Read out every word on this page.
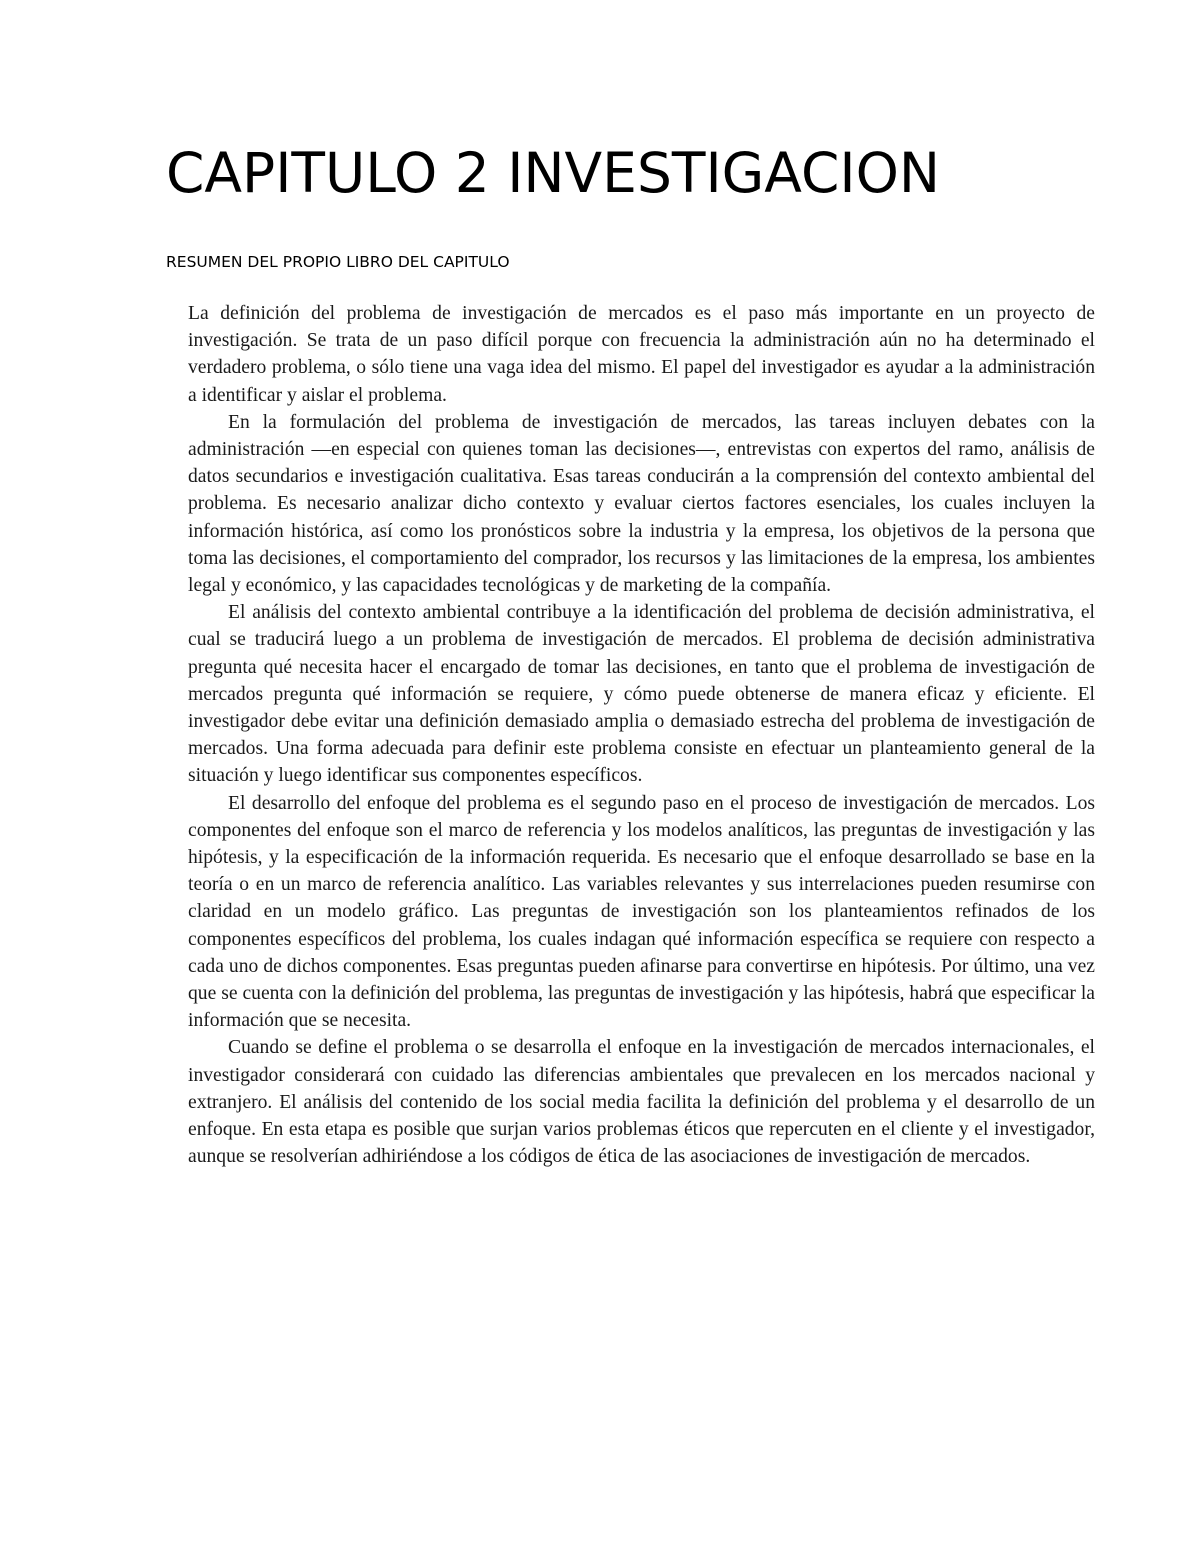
CAPITULO 2 INVESTIGACION
RESUMEN DEL PROPIO LIBRO DEL CAPITULO

La definición del problema de investigación de mercados es el paso más importante en un proyecto de investigación. Se trata de un paso difícil porque con frecuencia la administración aún no ha determinado el verdadero problema, o sólo tiene una vaga idea del mismo. El papel del investigador es ayudar a la administración a identificar y aislar el problema.

En la formulación del problema de investigación de mercados, las tareas incluyen debates con la administración —en especial con quienes toman las decisiones—, entrevistas con expertos del ramo, análisis de datos secundarios e investigación cualitativa. Esas tareas conducirán a la comprensión del contexto ambiental del problema. Es necesario analizar dicho contexto y evaluar ciertos factores esenciales, los cuales incluyen la información histórica, así como los pronósticos sobre la industria y la empresa, los objetivos de la persona que toma las decisiones, el comportamiento del comprador, los recursos y las limitaciones de la empresa, los ambientes legal y económico, y las capacidades tecnológicas y de marketing de la compañía.

El análisis del contexto ambiental contribuye a la identificación del problema de decisión administrativa, el cual se traducirá luego a un problema de investigación de mercados. El problema de decisión administrativa pregunta qué necesita hacer el encargado de tomar las decisiones, en tanto que el problema de investigación de mercados pregunta qué información se requiere, y cómo puede obtenerse de manera eficaz y eficiente. El investigador debe evitar una definición demasiado amplia o demasiado estrecha del problema de investigación de mercados. Una forma adecuada para definir este problema consiste en efectuar un planteamiento general de la situación y luego identificar sus componentes específicos.

El desarrollo del enfoque del problema es el segundo paso en el proceso de investigación de mercados. Los componentes del enfoque son el marco de referencia y los modelos analíticos, las preguntas de investigación y las hipótesis, y la especificación de la información requerida. Es necesario que el enfoque desarrollado se base en la teoría o en un marco de referencia analítico. Las variables relevantes y sus interrelaciones pueden resumirse con claridad en un modelo gráfico. Las preguntas de investigación son los planteamientos refinados de los componentes específicos del problema, los cuales indagan qué información específica se requiere con respecto a cada uno de dichos componentes. Esas preguntas pueden afinarse para convertirse en hipótesis. Por último, una vez que se cuenta con la definición del problema, las preguntas de investigación y las hipótesis, habrá que especificar la información que se necesita.

Cuando se define el problema o se desarrolla el enfoque en la investigación de mercados internacionales, el investigador considerará con cuidado las diferencias ambientales que prevalecen en los mercados nacional y extranjero. El análisis del contenido de los social media facilita la definición del problema y el desarrollo de un enfoque. En esta etapa es posible que surjan varios problemas éticos que repercuten en el cliente y el investigador, aunque se resolverían adhiriéndose a los códigos de ética de las asociaciones de investigación de mercados.
